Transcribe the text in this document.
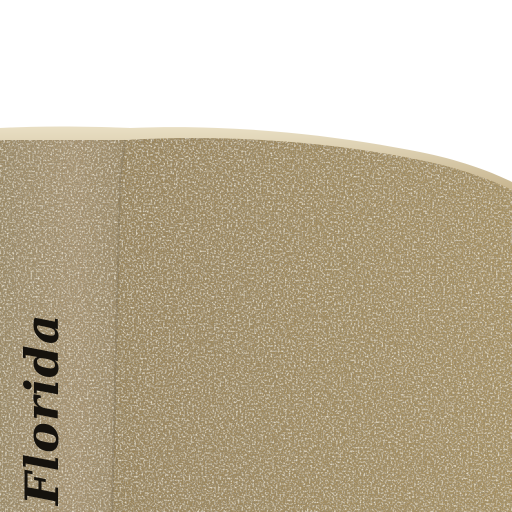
Florida
